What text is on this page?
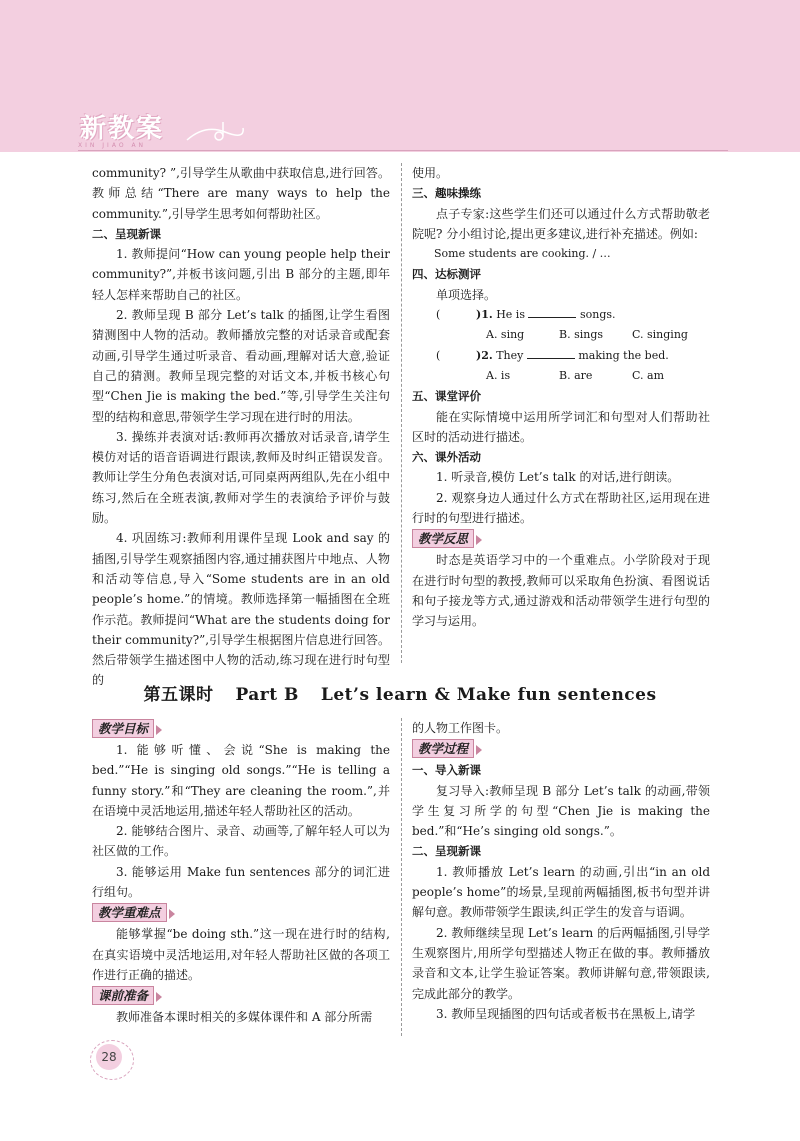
新教案
XIN JIAO AN

community? ”,引导学生从歌曲中获取信息,进行回答。教师总结“There are many ways to help the community.”,引导学生思考如何帮助社区。

二、呈现新课

1. 教师提问“How can young people help their community?”,并板书该问题,引出 B 部分的主题,即年轻人怎样来帮助自己的社区。

2. 教师呈现 B 部分 Let’s talk 的插图,让学生看图猜测图中人物的活动。教师播放完整的对话录音或配套动画,引导学生通过听录音、看动画,理解对话大意,验证自己的猜测。教师呈现完整的对话文本,并板书核心句型“Chen Jie is making the bed.”等,引导学生关注句型的结构和意思,带领学生学习现在进行时的用法。

3. 操练并表演对话:教师再次播放对话录音,请学生模仿对话的语音语调进行跟读,教师及时纠正错误发音。教师让学生分角色表演对话,可同桌两两组队,先在小组中练习,然后在全班表演,教师对学生的表演给予评价与鼓励。

4. 巩固练习:教师利用课件呈现 Look and say 的插图,引导学生观察插图内容,通过捕获图片中地点、人物和活动等信息,导入“Some students are in an old people’s home.”的情境。教师选择第一幅插图在全班作示范。教师提问“What are the students doing for their community?”,引导学生根据图片信息进行回答。然后带领学生描述图中人物的活动,练习现在进行时句型的

使用。

三、趣味操练

点子专家:这些学生们还可以通过什么方式帮助敬老院呢? 分小组讨论,提出更多建议,进行补充描述。例如:

Some students are cooking. / …

四、达标测评

单项选择。

(	)1. He is	songs.

A. sing	B. sings	C. singing

(	)2. They	making the bed.

A. is	B. are	C. am

五、课堂评价

能在实际情境中运用所学词汇和句型对人们帮助社区时的活动进行描述。

六、课外活动

1. 听录音,模仿 Let’s talk 的对话,进行朗读。

2. 观察身边人通过什么方式在帮助社区,运用现在进行时的句型进行描述。

教学反思

时态是英语学习中的一个重难点。小学阶段对于现在进行时句型的教授,教师可以采取角色扮演、看图说话和句子接龙等方式,通过游戏和活动带领学生进行句型的学习与运用。

第五课时 Part B Let’s learn & Make fun sentences
教学目标

1. 能够听懂、会说“She is making the bed.”“He is singing old songs.”“He is telling a funny story.”和“They are cleaning the room.”,并在语境中灵活地运用,描述年轻人帮助社区的活动。

2. 能够结合图片、录音、动画等,了解年轻人可以为社区做的工作。

3. 能够运用 Make fun sentences 部分的词汇进行组句。

教学重难点

能够掌握“be doing sth.”这一现在进行时的结构,在真实语境中灵活地运用,对年轻人帮助社区做的各项工作进行正确的描述。

课前准备

教师准备本课时相关的多媒体课件和 A 部分所需

的人物工作图卡。

教学过程

一、导入新课

复习导入:教师呈现 B 部分 Let’s talk 的动画,带领学生复习所学的句型“Chen Jie is making the bed.”和“He’s singing old songs.”。

二、呈现新课

1. 教师播放 Let’s learn 的动画,引出“in an old people’s home”的场景,呈现前两幅插图,板书句型并讲解句意。教师带领学生跟读,纠正学生的发音与语调。

2. 教师继续呈现 Let’s learn 的后两幅插图,引导学生观察图片,用所学句型描述人物正在做的事。教师播放录音和文本,让学生验证答案。教师讲解句意,带领跟读,完成此部分的教学。

3. 教师呈现插图的四句话或者板书在黑板上,请学

28
